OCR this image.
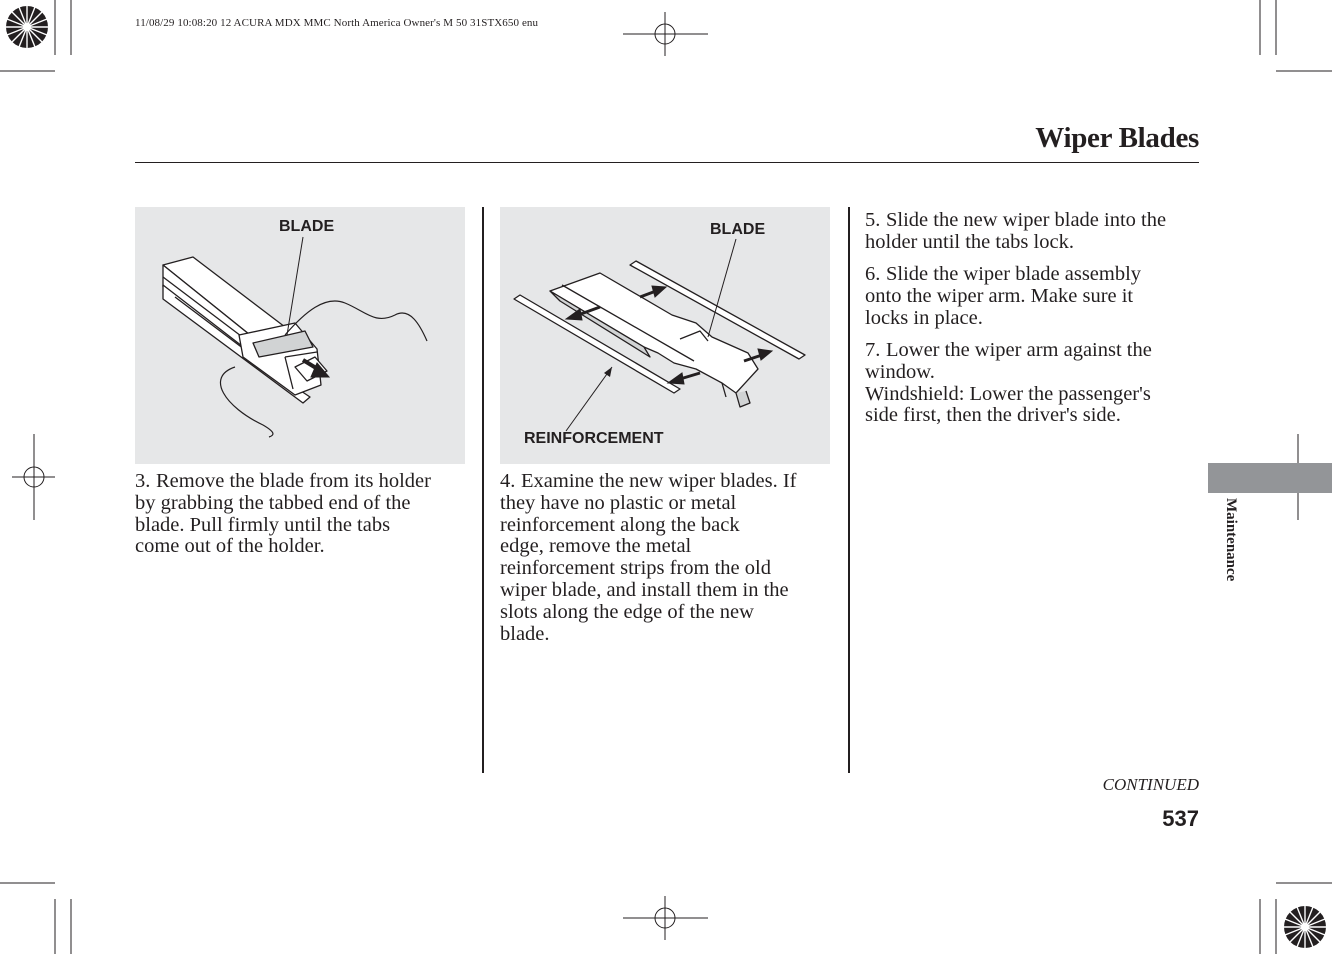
11/08/29 10:08:20 12 ACURA MDX MMC North America Owner's M 50 31STX650 enu
Wiper Blades
BLADE	BLADE
REINFORCEMENT
3. Remove the blade from its holder
by grabbing the tabbed end of the
blade. Pull firmly until the tabs
come out of the holder.
4. Examine the new wiper blades. If
they have no plastic or metal
reinforcement along the back
edge, remove the metal
reinforcement strips from the old
wiper blade, and install them in the
slots along the edge of the new
blade.
5. Slide the new wiper blade into the
holder until the tabs lock.
6. Slide the wiper blade assembly
onto the wiper arm. Make sure it
locks in place.
7. Lower the wiper arm against the
window.
Windshield: Lower the passenger's
side first, then the driver's side.
Maintenance
CONTINUED
537
